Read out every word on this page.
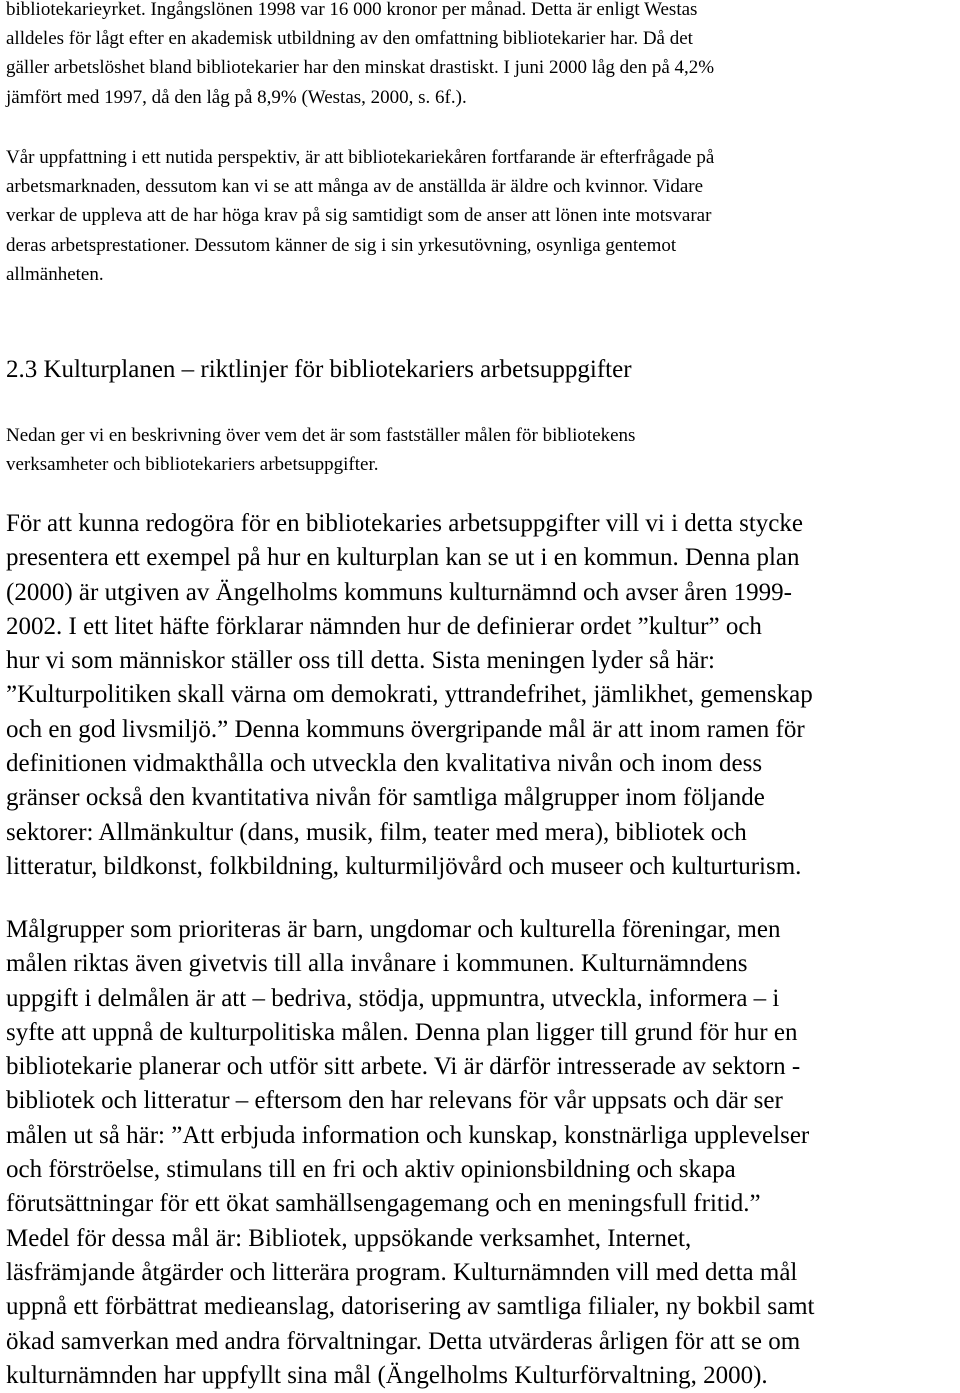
bibliotekarieyrket. Ingångslönen 1998 var 16 000 kronor per månad. Detta är enligt Westas
alldeles för lågt efter en akademisk utbildning av den omfattning bibliotekarier har. Då det
gäller arbetslöshet bland bibliotekarier har den minskat drastiskt. I juni 2000 låg den på 4,2%
jämfört med 1997, då den låg på 8,9% (Westas, 2000, s. 6f.).

Vår uppfattning i ett nutida perspektiv, är att bibliotekariekåren fortfarande är efterfrågade på
arbetsmarknaden, dessutom kan vi se att många av de anställda är äldre och kvinnor. Vidare
verkar de uppleva att de har höga krav på sig samtidigt som de anser att lönen inte motsvarar
deras arbetsprestationer. Dessutom känner de sig i sin yrkesutövning, osynliga gentemot
allmänheten.

2.3 Kulturplanen – riktlinjer för bibliotekariers arbetsuppgifter

Nedan ger vi en beskrivning över vem det är som fastställer målen för bibliotekens
verksamheter och bibliotekariers arbetsuppgifter.

För att kunna redogöra för en bibliotekaries arbetsuppgifter vill vi i detta stycke
presentera ett exempel på hur en kulturplan kan se ut i en kommun. Denna plan
(2000) är utgiven av Ängelholms kommuns kulturnämnd och avser åren 1999-
2002. I ett litet häfte förklarar nämnden hur de definierar ordet ”kultur” och
hur vi som människor ställer oss till detta. Sista meningen lyder så här:
”Kulturpolitiken skall värna om demokrati, yttrandefrihet, jämlikhet, gemenskap
och en god livsmiljö.” Denna kommuns övergripande mål är att inom ramen för
definitionen vidmakthålla och utveckla den kvalitativa nivån och inom dess
gränser också den kvantitativa nivån för samtliga målgrupper inom följande
sektorer: Allmänkultur (dans, musik, film, teater med mera), bibliotek och
litteratur, bildkonst, folkbildning, kulturmiljövård och museer och kulturturism.

Målgrupper som prioriteras är barn, ungdomar och kulturella föreningar, men
målen riktas även givetvis till alla invånare i kommunen. Kulturnämndens
uppgift i delmålen är att – bedriva, stödja, uppmuntra, utveckla, informera – i
syfte att uppnå de kulturpolitiska målen. Denna plan ligger till grund för hur en
bibliotekarie planerar och utför sitt arbete. Vi är därför intresserade av sektorn -
bibliotek och litteratur – eftersom den har relevans för vår uppsats och där ser
målen ut så här: ”Att erbjuda information och kunskap, konstnärliga upplevelser
och förströelse, stimulans till en fri och aktiv opinionsbildning och skapa
förutsättningar för ett ökat samhällsengagemang och en meningsfull fritid.”
Medel för dessa mål är: Bibliotek, uppsökande verksamhet, Internet,
läsfrämjande åtgärder och litterära program. Kulturnämnden vill med detta mål
uppnå ett förbättrat medieanslag, datorisering av samtliga filialer, ny bokbil samt
ökad samverkan med andra förvaltningar. Detta utvärderas årligen för att se om
kulturnämnden har uppfyllt sina mål (Ängelholms Kulturförvaltning, 2000).
